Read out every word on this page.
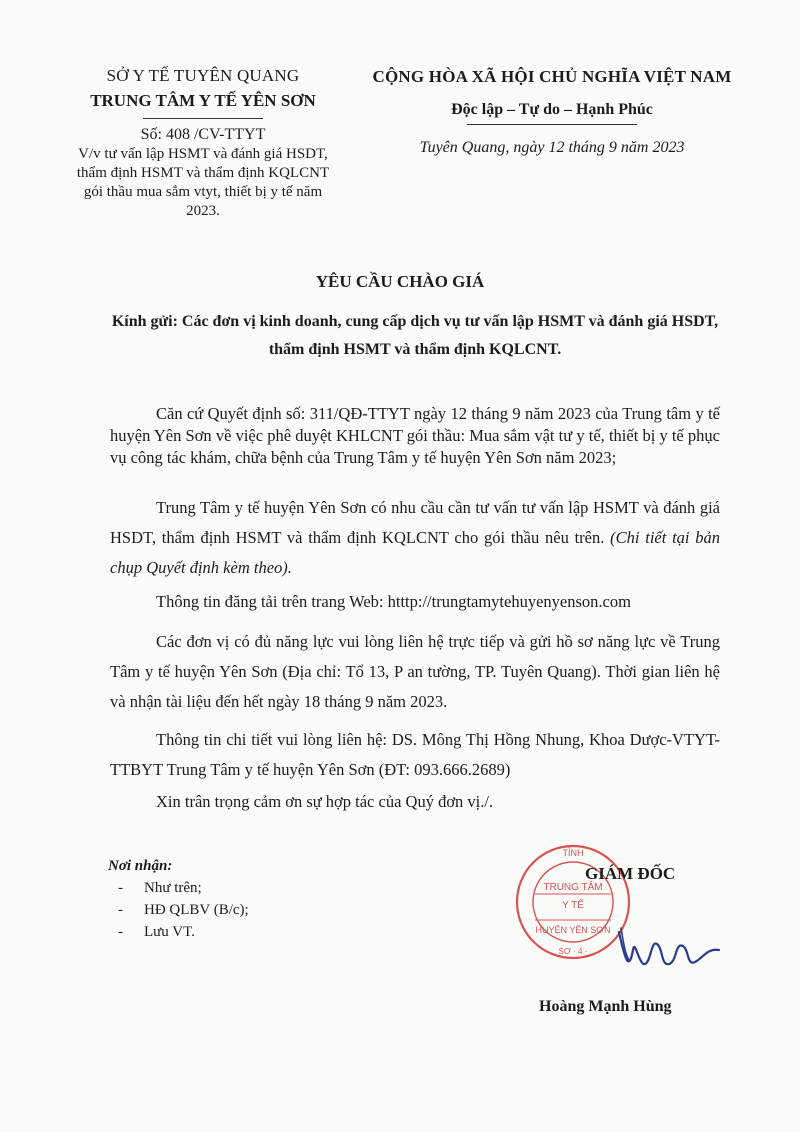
SỞ Y TẾ TUYÊN QUANG
TRUNG TÂM Y TẾ YÊN SƠN
Số: 408 /CV-TTYT
V/v tư vấn lập HSMT và đánh giá HSDT, thẩm định HSMT và thẩm định KQLCNT gói thầu mua sắm vtyt, thiết bị y tế năm 2023.
CỘNG HÒA XÃ HỘI CHỦ NGHĨA VIỆT NAM
Độc lập – Tự do – Hạnh Phúc
Tuyên Quang, ngày 12 tháng 9 năm 2023
YÊU CẦU CHÀO GIÁ
Kính gửi: Các đơn vị kinh doanh, cung cấp dịch vụ tư vấn lập HSMT và đánh giá HSDT, thẩm định HSMT và thẩm định KQLCNT.
Căn cứ Quyết định số: 311/QĐ-TTYT ngày 12 tháng 9 năm 2023 của Trung tâm y tế huyện Yên Sơn về việc phê duyệt KHLCNT gói thầu: Mua sắm vật tư y tế, thiết bị y tế phục vụ công tác khám, chữa bệnh của Trung Tâm y tế huyện Yên Sơn năm 2023;
Trung Tâm y tế huyện Yên Sơn có nhu cầu cần tư vấn tư vấn lập HSMT và đánh giá HSDT, thẩm định HSMT và thẩm định KQLCNT cho gói thầu nêu trên. (Chi tiết tại bản chụp Quyết định kèm theo).
Thông tin đăng tải trên trang Web: htttp://trungtamytehuyenyenson.com
Các đơn vị có đủ năng lực vui lòng liên hệ trực tiếp và gửi hồ sơ năng lực về Trung Tâm y tế huyện Yên Sơn (Địa chỉ: Tổ 13, P an tường, TP. Tuyên Quang). Thời gian liên hệ và nhận tài liệu đến hết ngày 18 tháng 9 năm 2023.
Thông tin chi tiết vui lòng liên hệ: DS. Mông Thị Hồng Nhung, Khoa Dược-VTYT-TTBYT Trung Tâm y tế huyện Yên Sơn (ĐT: 093.666.2689)
Xin trân trọng cảm ơn sự hợp tác của Quý đơn vị./.
Nơi nhận:
-	Như trên;
-	HĐ QLBV (B/c);
-	Lưu VT.
TỈNH
TRUNG TÂM
Y TẾ
HUYỆN YÊN SƠN
SƠ · 4 ·
GIÁM ĐỐC
Hoàng Mạnh Hùng
